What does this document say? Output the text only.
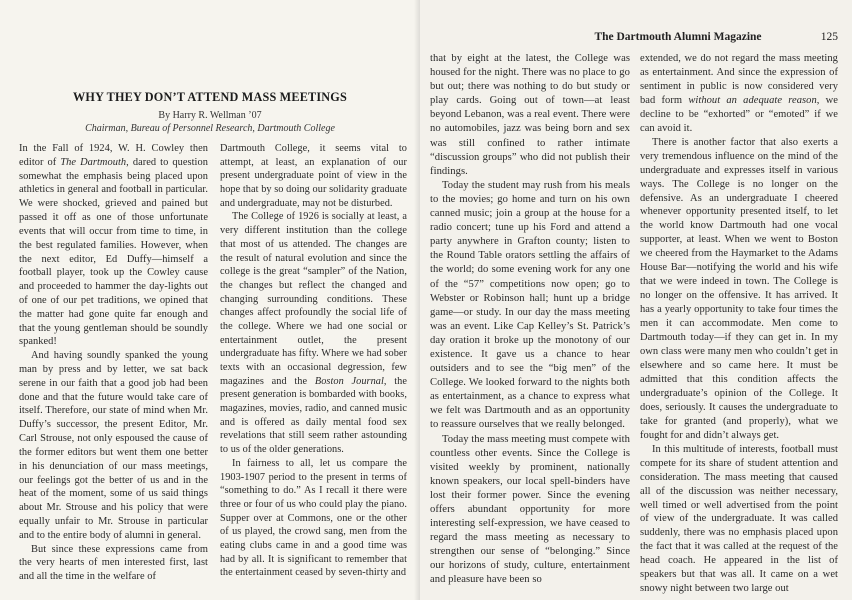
WHY THEY DON’T ATTEND MASS MEETINGS
By Harry R. Wellman ’07
Chairman, Bureau of Personnel Research, Dartmouth College

In the Fall of 1924, W. H. Cowley then editor of The Dartmouth, dared to question somewhat the emphasis being placed upon athletics in general and football in particular. We were shocked, grieved and pained but passed it off as one of those unfortunate events that will occur from time to time, in the best regulated families. However, when the next editor, Ed Duffy—himself a football player, took up the Cowley cause and proceeded to hammer the day-lights out of one of our pet traditions, we opined that the matter had gone quite far enough and that the young gentleman should be soundly spanked!

And having soundly spanked the young man by press and by letter, we sat back serene in our faith that a good job had been done and that the future would take care of itself. Therefore, our state of mind when Mr. Duffy’s successor, the present Editor, Mr. Carl Strouse, not only espoused the cause of the former editors but went them one better in his denunciation of our mass meetings, our feelings got the better of us and in the heat of the moment, some of us said things about Mr. Strouse and his policy that were equally unfair to Mr. Strouse in particular and to the entire body of alumni in general.

But since these expressions came from the very hearts of men interested first, last and all the time in the welfare of

Dartmouth College, it seems vital to attempt, at least, an explanation of our present undergraduate point of view in the hope that by so doing our solidarity graduate and undergraduate, may not be disturbed.

The College of 1926 is socially at least, a very different institution than the college that most of us attended. The changes are the result of natural evolution and since the college is the great “sampler” of the Nation, the changes but reflect the changed and changing surrounding conditions. These changes affect profoundly the social life of the college. Where we had one social or entertainment outlet, the present undergraduate has fifty. Where we had sober texts with an occasional degression, few magazines and the Boston Journal, the present generation is bombarded with books, magazines, movies, radio, and canned music and is offered as daily mental food sex revelations that still seem rather astounding to us of the older generations.

In fairness to all, let us compare the 1903-1907 period to the present in terms of “something to do.” As I recall it there were three or four of us who could play the piano. Supper over at Commons, one or the other of us played, the crowd sang, men from the eating clubs came in and a good time was had by all. It is significant to remember that the entertainment ceased by seven-thirty and

The Dartmouth Alumni Magazine	125

that by eight at the latest, the College was housed for the night. There was no place to go but out; there was nothing to do but study or play cards. Going out of town—at least beyond Lebanon, was a real event. There were no automobiles, jazz was being born and sex was still confined to rather intimate “discussion groups” who did not publish their findings.

Today the student may rush from his meals to the movies; go home and turn on his own canned music; join a group at the house for a radio concert; tune up his Ford and attend a party anywhere in Grafton county; listen to the Round Table orators settling the affairs of the world; do some evening work for any one of the “57” competitions now open; go to Webster or Robinson hall; hunt up a bridge game—or study. In our day the mass meeting was an event. Like Cap Kelley’s St. Patrick’s day oration it broke up the monotony of our existence. It gave us a chance to hear outsiders and to see the “big men” of the College. We looked forward to the nights both as entertainment, as a chance to express what we felt was Dartmouth and as an opportunity to reassure ourselves that we really belonged.

Today the mass meeting must compete with countless other events. Since the College is visited weekly by prominent, nationally known speakers, our local spell-binders have lost their former power. Since the evening offers abundant opportunity for more interesting self-expression, we have ceased to regard the mass meeting as necessary to strengthen our sense of “belonging.” Since our horizons of study, culture, entertainment and pleasure have been so

extended, we do not regard the mass meeting as entertainment. And since the expression of sentiment in public is now considered very bad form without an adequate reason, we decline to be “exhorted” or “emoted” if we can avoid it.

There is another factor that also exerts a very tremendous influence on the mind of the undergraduate and expresses itself in various ways. The College is no longer on the defensive. As an undergraduate I cheered whenever opportunity presented itself, to let the world know Dartmouth had one vocal supporter, at least. When we went to Boston we cheered from the Haymarket to the Adams House Bar—notifying the world and his wife that we were indeed in town. The College is no longer on the offensive. It has arrived. It has a yearly opportunity to take four times the men it can accommodate. Men come to Dartmouth today—if they can get in. In my own class were many men who couldn’t get in elsewhere and so came here. It must be admitted that this condition affects the undergraduate’s opinion of the College. It does, seriously. It causes the undergraduate to take for granted (and properly), what we fought for and didn’t always get.

In this multitude of interests, football must compete for its share of student attention and consideration. The mass meeting that caused all of the discussion was neither necessary, well timed or well advertised from the point of view of the undergraduate. It was called suddenly, there was no emphasis placed upon the fact that it was called at the request of the head coach. He appeared in the list of speakers but that was all. It came on a wet snowy night between two large out
